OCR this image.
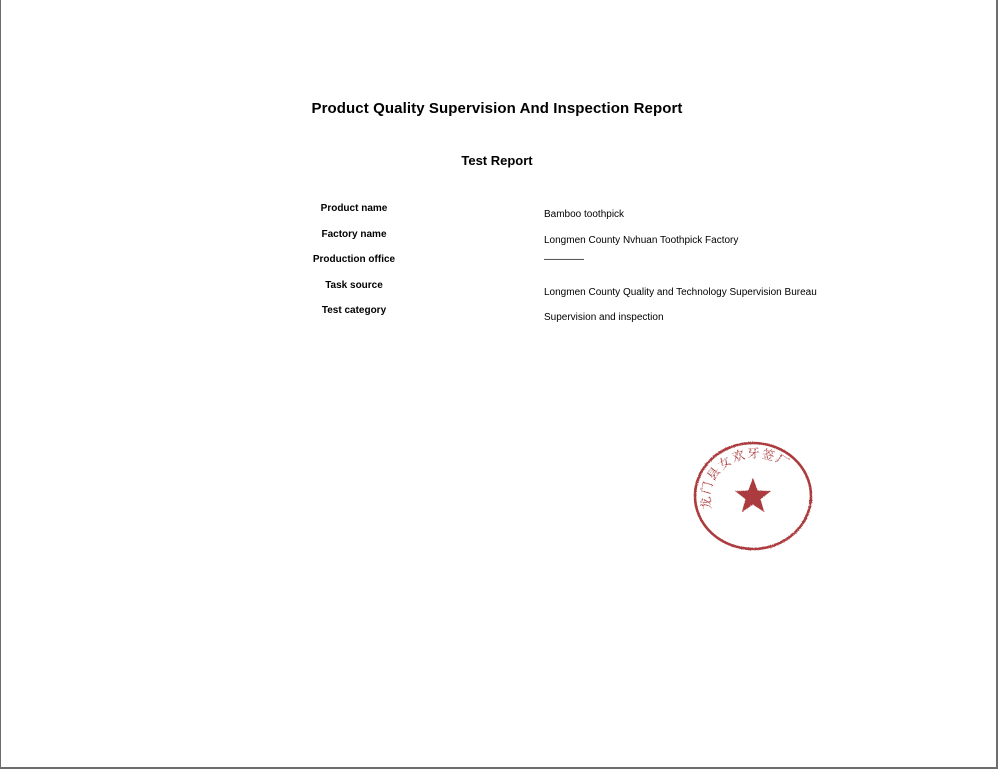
Product Quality Supervision And Inspection Report
Test Report
Product name
Bamboo toothpick
Factory name
Longmen County Nvhuan Toothpick Factory
Production office	————
Task source
Longmen County Quality and Technology Supervision Bureau
Test category
Supervision and inspection
龙门县女欢牙签厂
